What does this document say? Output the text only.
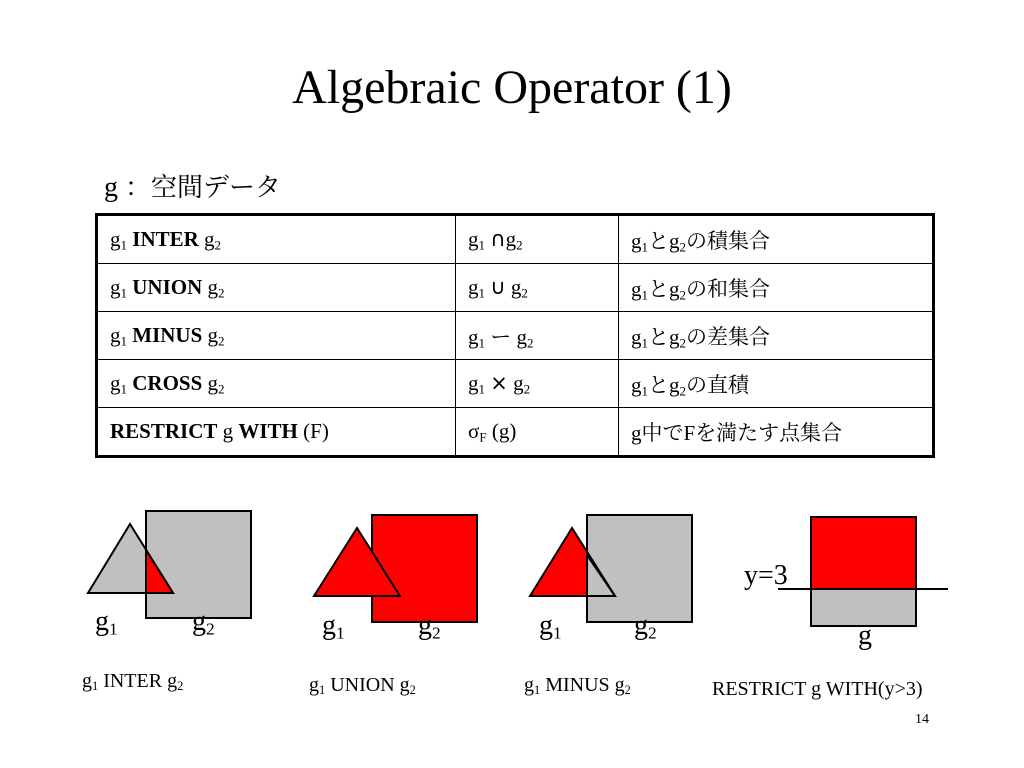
Algebraic Operator (1)
g ：空間データ
$g_1$ INTER $g_2$	$g_1$ $\cap g_2$	$g_1$と$g_2$の積集合
$g_1$ UNION $g_2$	$g_1$ ∪ $g_2$	$g_1$と$g_2$の和集合
$g_1$ MINUS $g_2$	$g_1$ ー $g_2$	$g_1$と$g_2$の差集合
$g_1$ CROSS $g_2$	$g_1 \times g_2$	$g_1$と$g_2$の直積
RESTRICT g WITH (F)	$\sigma_F$ (g)	g中でFを満たす点集合
$g_1$	$g_2$	$g_1$	$g_2$	$g_1$	$g_2$	g
y=3
$g_1$ INTER $g_2$	$g_1$ UNION $g_2$	$g_1$ MINUS $g_2$	RESTRICT g WITH(y>3)
14
